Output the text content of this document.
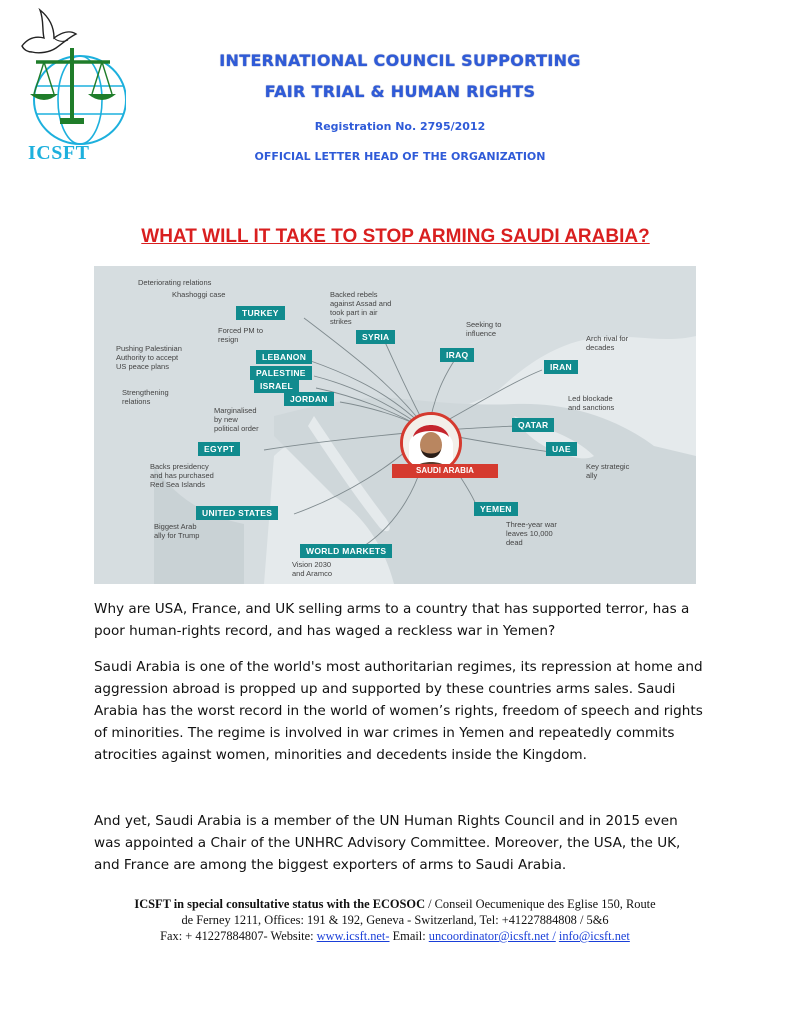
ICSFT
INTERNATIONAL COUNCIL SUPPORTING
FAIR TRIAL & HUMAN RIGHTS
Registration No. 2795/2012
OFFICIAL LETTER HEAD OF THE ORGANIZATION
WHAT WILL IT TAKE TO STOP ARMING SAUDI ARABIA?
Deteriorating relations
Khashoggi case
TURKEY
Backed rebels
against Assad and
took part in air
strikes
SYRIA
Seeking to
influence
IRAQ
Arch rival for
decades
IRAN
Forced PM to
resign
LEBANON
Pushing Palestinian
Authority to accept
US peace plans
PALESTINE
ISRAEL
Strengthening
relations	JORDAN
Marginalised
by new
political order
EGYPT
Backs presidency
and has purchased
Red Sea Islands
Led blockade
and sanctions
QATAR
UAE
Key strategic
ally
SAUDI ARABIA
UNITED STATES
Biggest Arab
ally for Trump
YEMEN
Three-year war
leaves 10,000
dead
WORLD MARKETS
Vision 2030
and Aramco
Why are USA, France, and UK selling arms to a country that has supported terror, has a poor human-rights record, and has waged a reckless war in Yemen?
Saudi Arabia is one of the world's most authoritarian regimes, its repression at home and aggression abroad is propped up and supported by these countries arms sales. Saudi Arabia has the worst record in the world of women’s rights, freedom of speech and rights of minorities. The regime is involved in war crimes in Yemen and repeatedly commits atrocities against women, minorities and decedents inside the Kingdom.
And yet, Saudi Arabia is a member of the UN Human Rights Council and in 2015 even was appointed a Chair of the UNHRC Advisory Committee. Moreover, the USA, the UK, and France are among the biggest exporters of arms to Saudi Arabia.
ICSFT in special consultative status with the ECOSOC / Conseil Oecumenique des Eglise 150, Route
de Ferney 1211, Offices: 191 & 192, Geneva - Switzerland, Tel: +41227884808 / 5&6
Fax: + 41227884807- Website: www.icsft.net- Email: uncoordinator@icsft.net / info@icsft.net
